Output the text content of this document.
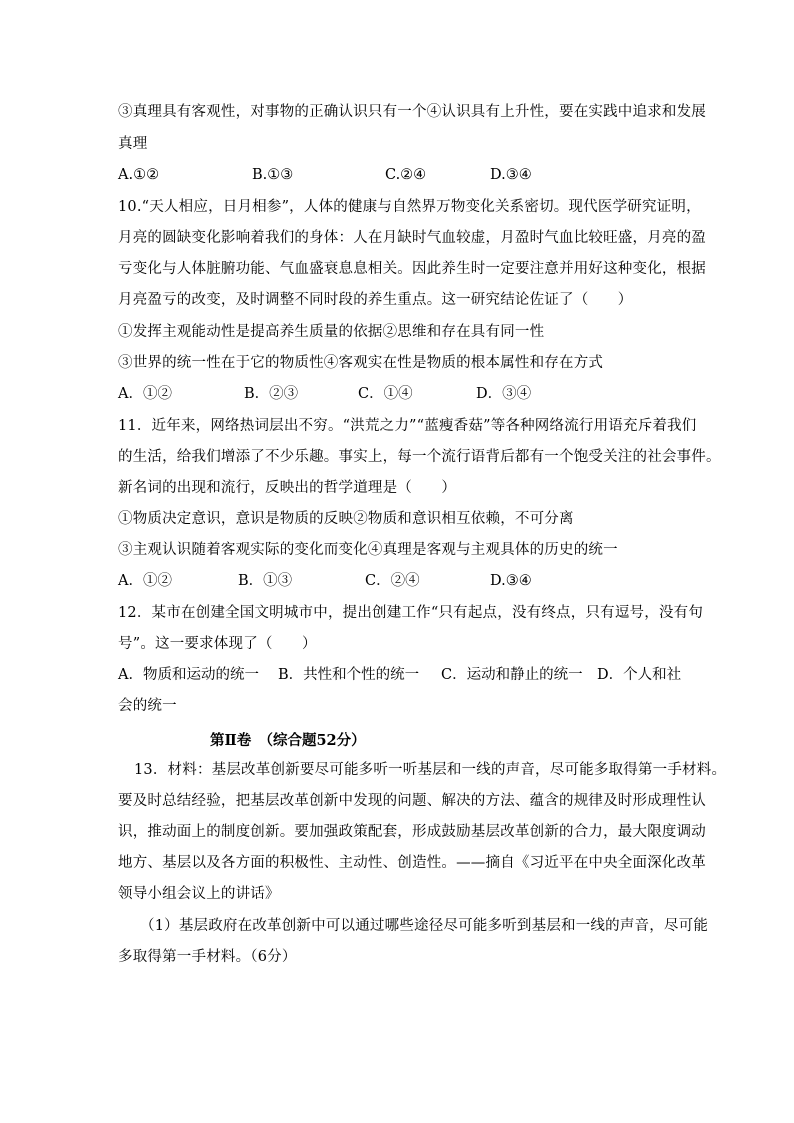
③真理具有客观性，对事物的正确认识只有一个④认识具有上升性，要在实践中追求和发展
真理
A.①②	B.①③	C.②④	D.③④
10.“天人相应，日月相参”，人体的健康与自然界万物变化关系密切。现代医学研究证明，
月亮的圆缺变化影响着我们的身体：人在月缺时气血较虚，月盈时气血比较旺盛，月亮的盈
亏变化与人体脏腑功能、气血盛衰息息相关。因此养生时一定要注意并用好这种变化，根据
月亮盈亏的改变，及时调整不同时段的养生重点。这一研究结论佐证了（　　）
①发挥主观能动性是提高养生质量的依据②思维和存在具有同一性
③世界的统一性在于它的物质性④客观实在性是物质的根本属性和存在方式
A．①②	B．②③	C．①④	D．③④
11．近年来，网络热词层出不穷。“洪荒之力”“蓝瘦香菇”等各种网络流行用语充斥着我们
的生活，给我们增添了不少乐趣。事实上，每一个流行语背后都有一个饱受关注的社会事件。
新名词的出现和流行，反映出的哲学道理是（　　）
①物质决定意识，意识是物质的反映②物质和意识相互依赖，不可分离
③主观认识随着客观实际的变化而变化④真理是客观与主观具体的历史的统一
A．①②	B．①③	C．②④	D.③④
12．某市在创建全国文明城市中，提出创建工作“只有起点，没有终点，只有逗号，没有句
号”。这一要求体现了（　　）
A．物质和运动的统一 B．共性和个性的统一 C．运动和静止的统一 D．个人和社
会的统一
第Ⅱ卷　（综合题52分）
13．材料：基层改革创新要尽可能多听一听基层和一线的声音，尽可能多取得第一手材料。
要及时总结经验，把基层改革创新中发现的问题、解决的方法、蕴含的规律及时形成理性认
识，推动面上的制度创新。要加强政策配套，形成鼓励基层改革创新的合力，最大限度调动
地方、基层以及各方面的积极性、主动性、创造性。——摘自《习近平在中央全面深化改革
领导小组会议上的讲话》
（1）基层政府在改革创新中可以通过哪些途径尽可能多听到基层和一线的声音，尽可能
多取得第一手材料。（6分）
